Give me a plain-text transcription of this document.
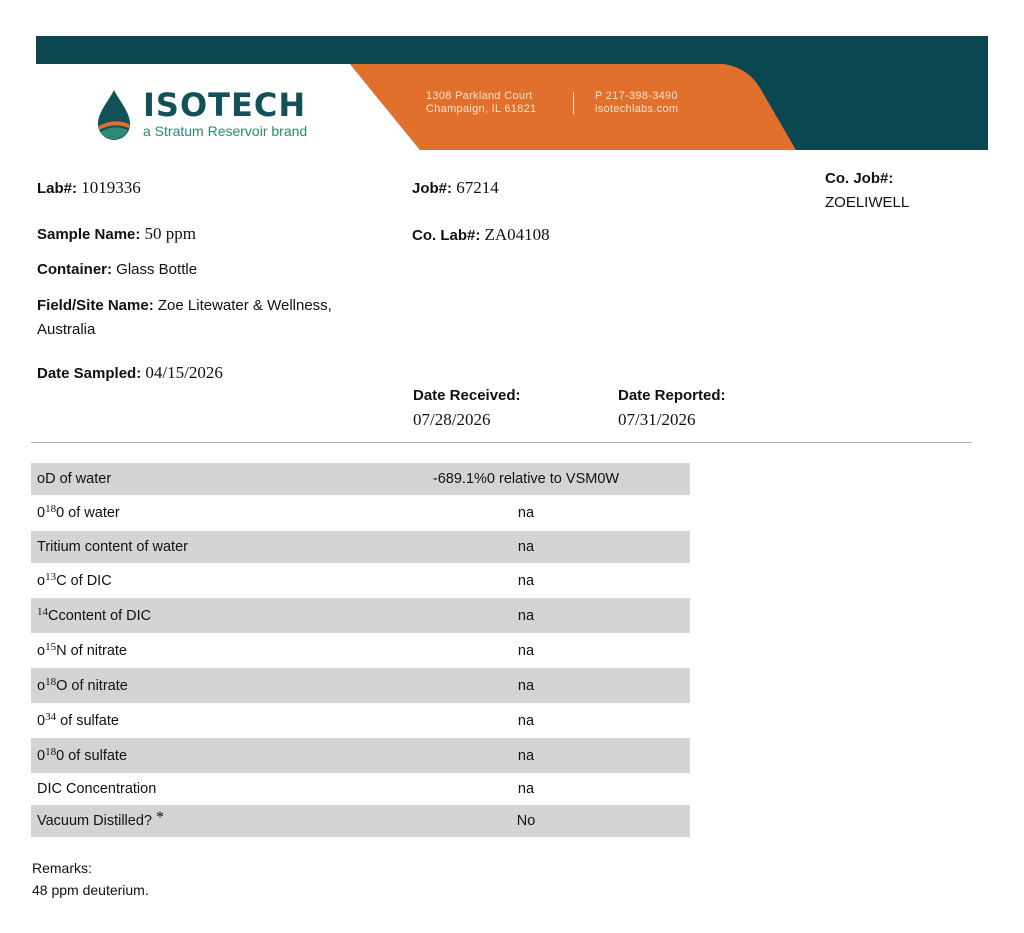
ISOTECH
a Stratum Reservoir brand
1308 Parkland Court
Champaign, IL 61821
P 217-398-3490
isotechlabs.com
Lab#: 1019336	Job#: 67214	Co. Job#:
ZOELIWELL
Sample Name: 50 ppm	Co. Lab#: ZA04108
Container: Glass Bottle
Field/Site Name: Zoe Litewater & Wellness,
Australia
Date Sampled: 04/15/2026
Date Received:
07/28/2026
Date Reported:
07/31/2026
oD of water	-689.1%0 relative to VSM0W
$0^{18}0$ of water	na
Tritium content of water	na
$o^{13}C$ of DIC	na
$^{14}$Ccontent of DIC	na
$o^{15}N$ of nitrate	na
$o^{18}O$ of nitrate	na
$0^{34}$ of sulfate	na
$0^{18}0$ of sulfate	na
DIC Concentration	na
Vacuum Distilled? *	No
Remarks:
48 ppm deuterium.
